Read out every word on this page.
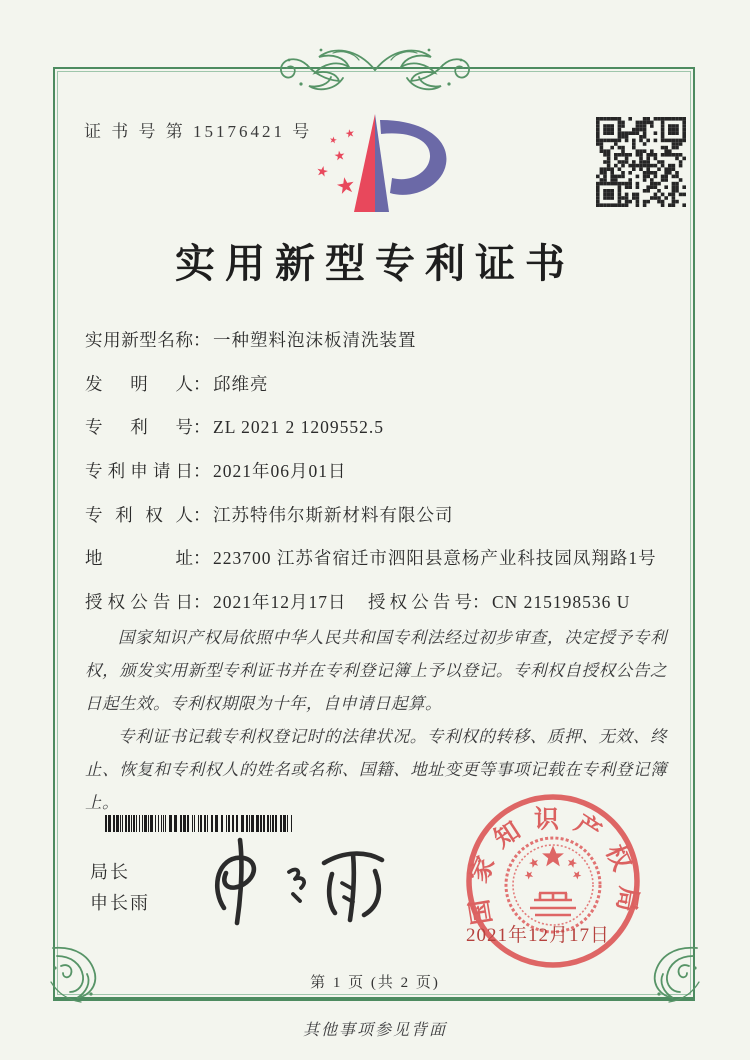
证 书 号 第 15176421 号	★
★
★
★
★
实用新型专利证书
实用新型名称： 一种塑料泡沫板清洗装置
发明人： 邱维亮
专利号： ZL 2021 2 1209552.5
专利申请日： 2021年06月01日
专利权人： 江苏特伟尔斯新材料有限公司
地址： 223700 江苏省宿迁市泗阳县意杨产业科技园凤翔路1号
授权公告日： 2021年12月17日 授权公告号： CN 215198536 U

国家知识产权局依照中华人民共和国专利法经过初步审查，决定授予专利权，颁发实用新型专利证书并在专利登记簿上予以登记。专利权自授权公告之日起生效。专利权期限为十年，自申请日起算。

专利证书记载专利权登记时的法律状况。专利权的转移、质押、无效、终止、恢复和专利权人的姓名或名称、国籍、地址变更等事项记载在专利登记簿上。

局长
申长雨	国家知识产权局
2021年12月17日
第 1 页 (共 2 页)
其他事项参见背面
